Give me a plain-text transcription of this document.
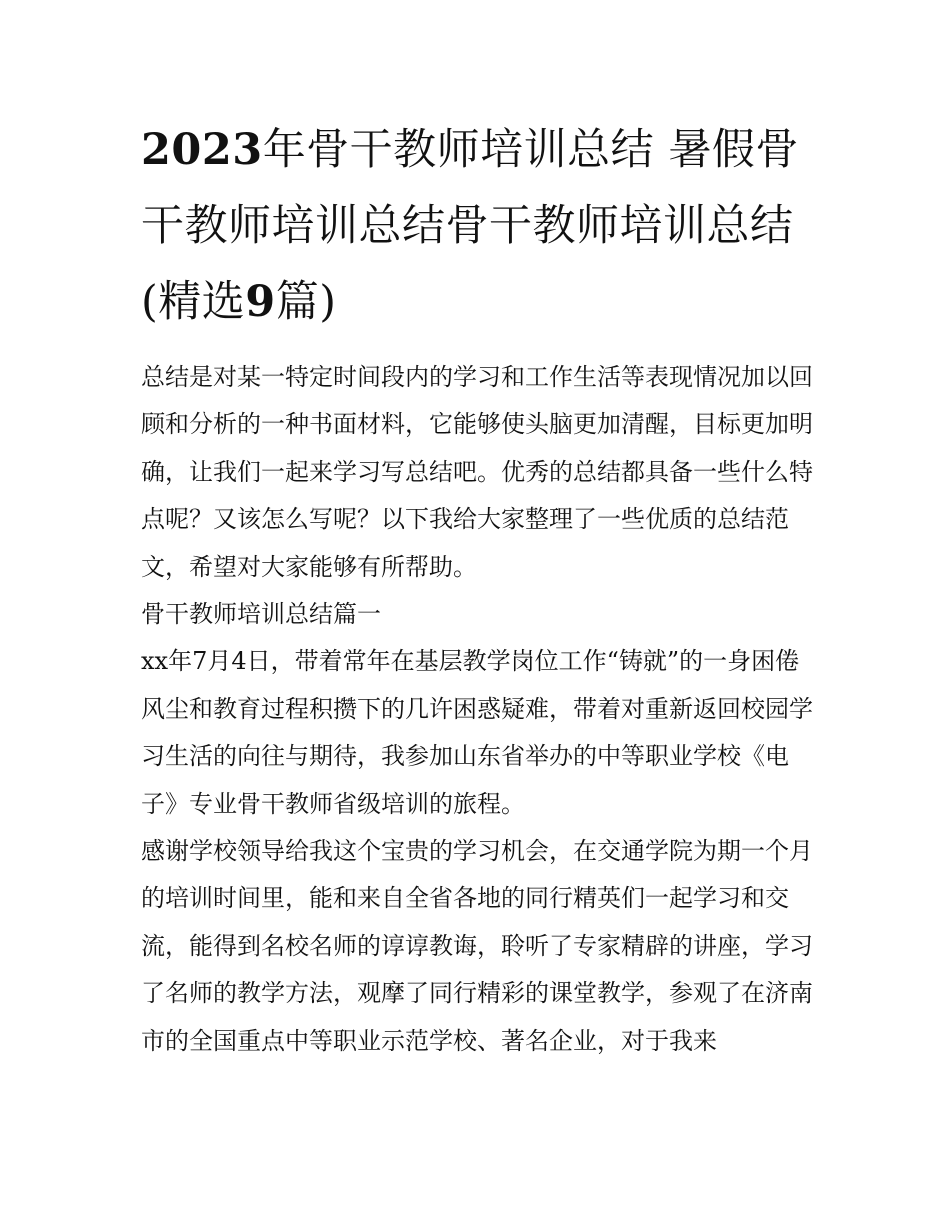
2023年骨干教师培训总结 暑假骨干教师培训总结骨干教师培训总结(精选9篇)

总结是对某一特定时间段内的学习和工作生活等表现情况加以回顾和分析的一种书面材料，它能够使头脑更加清醒，目标更加明确，让我们一起来学习写总结吧。优秀的总结都具备一些什么特点呢？又该怎么写呢？以下我给大家整理了一些优质的总结范文，希望对大家能够有所帮助。

骨干教师培训总结篇一

xx年7月4日，带着常年在基层教学岗位工作“铸就”的一身困倦风尘和教育过程积攒下的几许困惑疑难，带着对重新返回校园学习生活的向往与期待，我参加山东省举办的中等职业学校《电子》专业骨干教师省级培训的旅程。

感谢学校领导给我这个宝贵的学习机会，在交通学院为期一个月的培训时间里，能和来自全省各地的同行精英们一起学习和交流，能得到名校名师的谆谆教诲，聆听了专家精辟的讲座，学习了名师的教学方法，观摩了同行精彩的课堂教学，参观了在济南市的全国重点中等职业示范学校、著名企业，对于我来
